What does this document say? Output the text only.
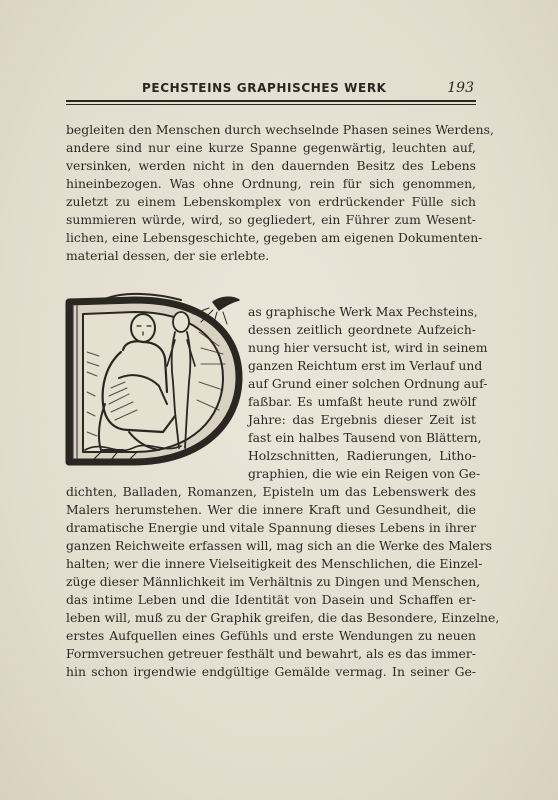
PECHSTEINS GRAPHISCHES WERK	193
begleiten den Menschen durch wechselnde Phasen seines Werdens,
andere sind nur eine kurze Spanne gegenwärtig, leuchten auf,
versinken, werden nicht in den dauernden Besitz des Lebens
hineinbezogen. Was ohne Ordnung, rein für sich genommen,
zuletzt zu einem Lebenskomplex von erdrückender Fülle sich
summieren würde, wird, so gegliedert, ein Führer zum Wesent-
lichen, eine Lebensgeschichte, gegeben am eigenen Dokumenten-
material dessen, der sie erlebte.
as graphische Werk Max Pechsteins,
dessen zeitlich geordnete Aufzeich-
nung hier versucht ist, wird in seinem
ganzen Reichtum erst im Verlauf und
auf Grund einer solchen Ordnung auf-
faßbar. Es umfaßt heute rund zwölf
Jahre: das Ergebnis dieser Zeit ist
fast ein halbes Tausend von Blättern,
Holzschnitten, Radierungen, Litho-
graphien, die wie ein Reigen von Ge-
dichten, Balladen, Romanzen, Episteln um das Lebenswerk des
Malers herumstehen. Wer die innere Kraft und Gesundheit, die
dramatische Energie und vitale Spannung dieses Lebens in ihrer
ganzen Reichweite erfassen will, mag sich an die Werke des Malers
halten; wer die innere Vielseitigkeit des Menschlichen, die Einzel-
züge dieser Männlichkeit im Verhältnis zu Dingen und Menschen,
das intime Leben und die Identität von Dasein und Schaffen er-
leben will, muß zu der Graphik greifen, die das Besondere, Einzelne,
erstes Aufquellen eines Gefühls und erste Wendungen zu neuen
Formversuchen getreuer festhält und bewahrt, als es das immer-
hin schon irgendwie endgültige Gemälde vermag. In seiner Ge-
